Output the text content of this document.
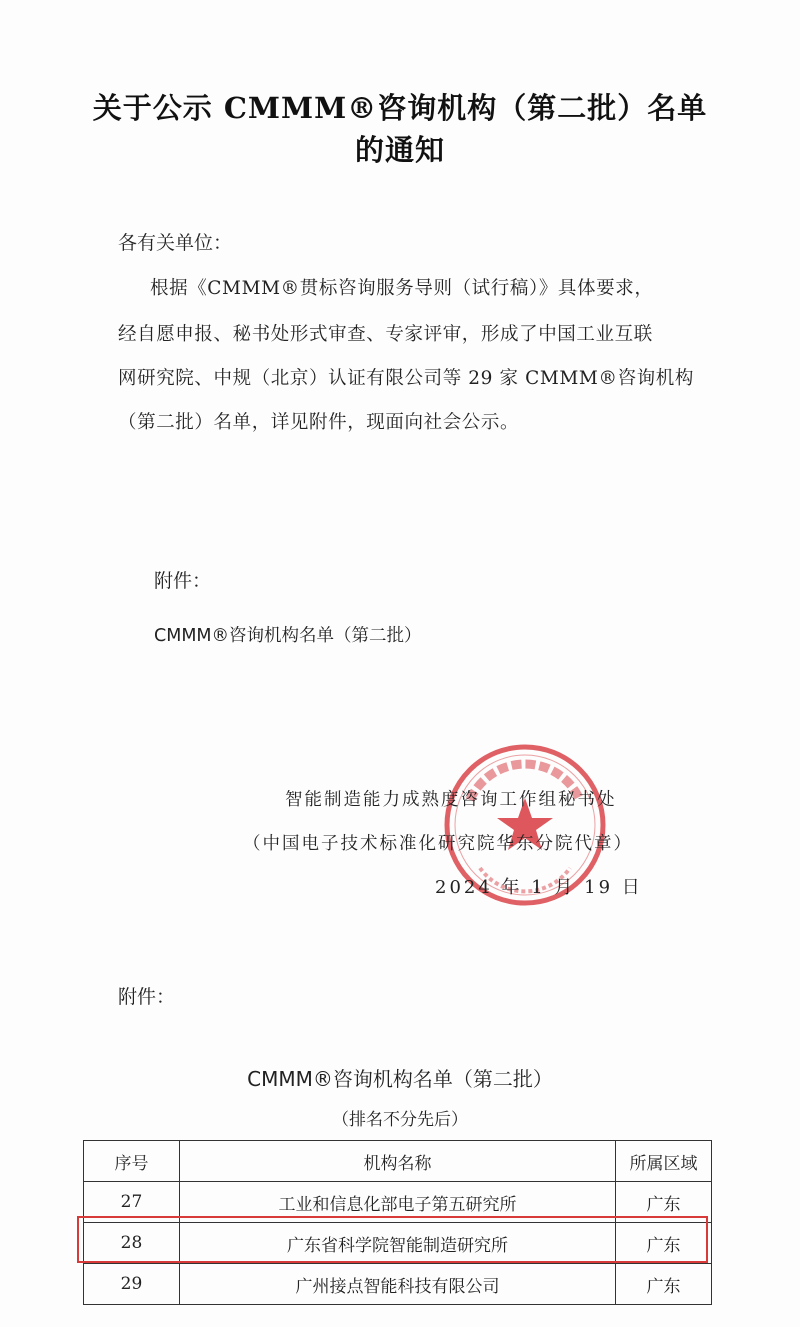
关于公示 CMMM®咨询机构（第二批）名单
的通知
各有关单位：
根据《CMMM®贯标咨询服务导则（试行稿）》具体要求，
经自愿申报、秘书处形式审查、专家评审，形成了中国工业互联
网研究院、中规（北京）认证有限公司等 29 家 CMMM®咨询机构
（第二批）名单，详见附件，现面向社会公示。
附件：
CMMM®咨询机构名单（第二批）
智能制造能力成熟度咨询工作组秘书处
（中国电子技术标准化研究院华东分院代章）
2024 年 1 月 19 日
附件：
CMMM®咨询机构名单（第二批）
（排名不分先后）
序号	机构名称	所属区域
27	工业和信息化部电子第五研究所	广东
28	广东省科学院智能制造研究所	广东
29	广州接点智能科技有限公司	广东
